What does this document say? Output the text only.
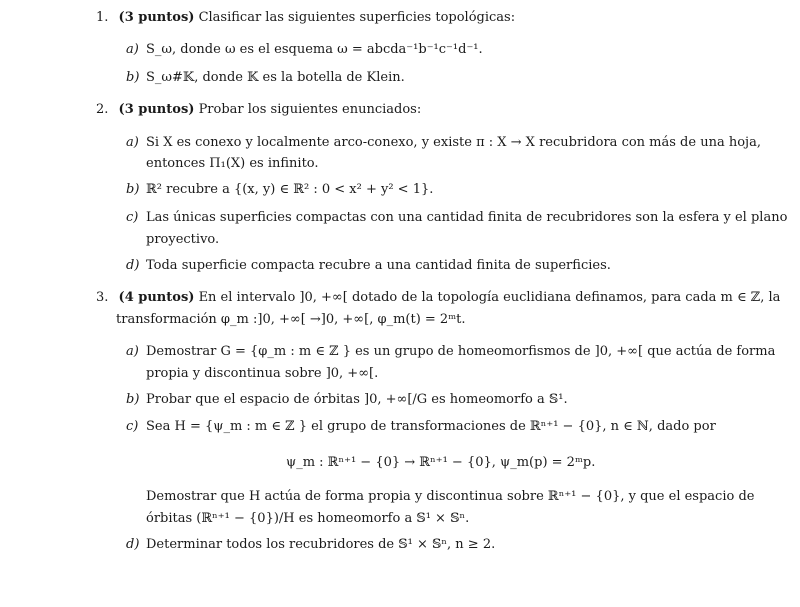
1. (3 puntos) Clasificar las siguientes superficies topológicas:
a) S_ω, donde ω es el esquema ω = abcda⁻¹b⁻¹c⁻¹d⁻¹.
b) S_ω#𝕂, donde 𝕂 es la botella de Klein.
2. (3 puntos) Probar los siguientes enunciados:
a) Si X es conexo y localmente arco-conexo, y existe π : X → X recubridora con más de una hoja,
entonces Π₁(X) es infinito.
b) ℝ² recubre a {(x, y) ∈ ℝ² : 0 < x² + y² < 1}.
c) Las únicas superficies compactas con una cantidad finita de recubridores son la esfera y el plano
proyectivo.
d) Toda superficie compacta recubre a una cantidad finita de superficies.
3. (4 puntos) En el intervalo ]0, +∞[ dotado de la topología euclidiana definamos, para cada m ∈ ℤ, la
transformación φ_m :]0, +∞[ →]0, +∞[, φ_m(t) = 2ᵐt.
a) Demostrar G = {φ_m : m ∈ ℤ } es un grupo de homeomorfismos de ]0, +∞[ que actúa de forma
propia y discontinua sobre ]0, +∞[.
b) Probar que el espacio de órbitas ]0, +∞[/G es homeomorfo a 𝕊¹.
c) Sea H = {ψ_m : m ∈ ℤ } el grupo de transformaciones de ℝⁿ⁺¹ − {0}, n ∈ ℕ, dado por
ψ_m : ℝⁿ⁺¹ − {0} → ℝⁿ⁺¹ − {0}, ψ_m(p) = 2ᵐp.
Demostrar que H actúa de forma propia y discontinua sobre ℝⁿ⁺¹ − {0}, y que el espacio de
órbitas (ℝⁿ⁺¹ − {0})/H es homeomorfo a 𝕊¹ × 𝕊ⁿ.
d) Determinar todos los recubridores de 𝕊¹ × 𝕊ⁿ, n ≥ 2.
